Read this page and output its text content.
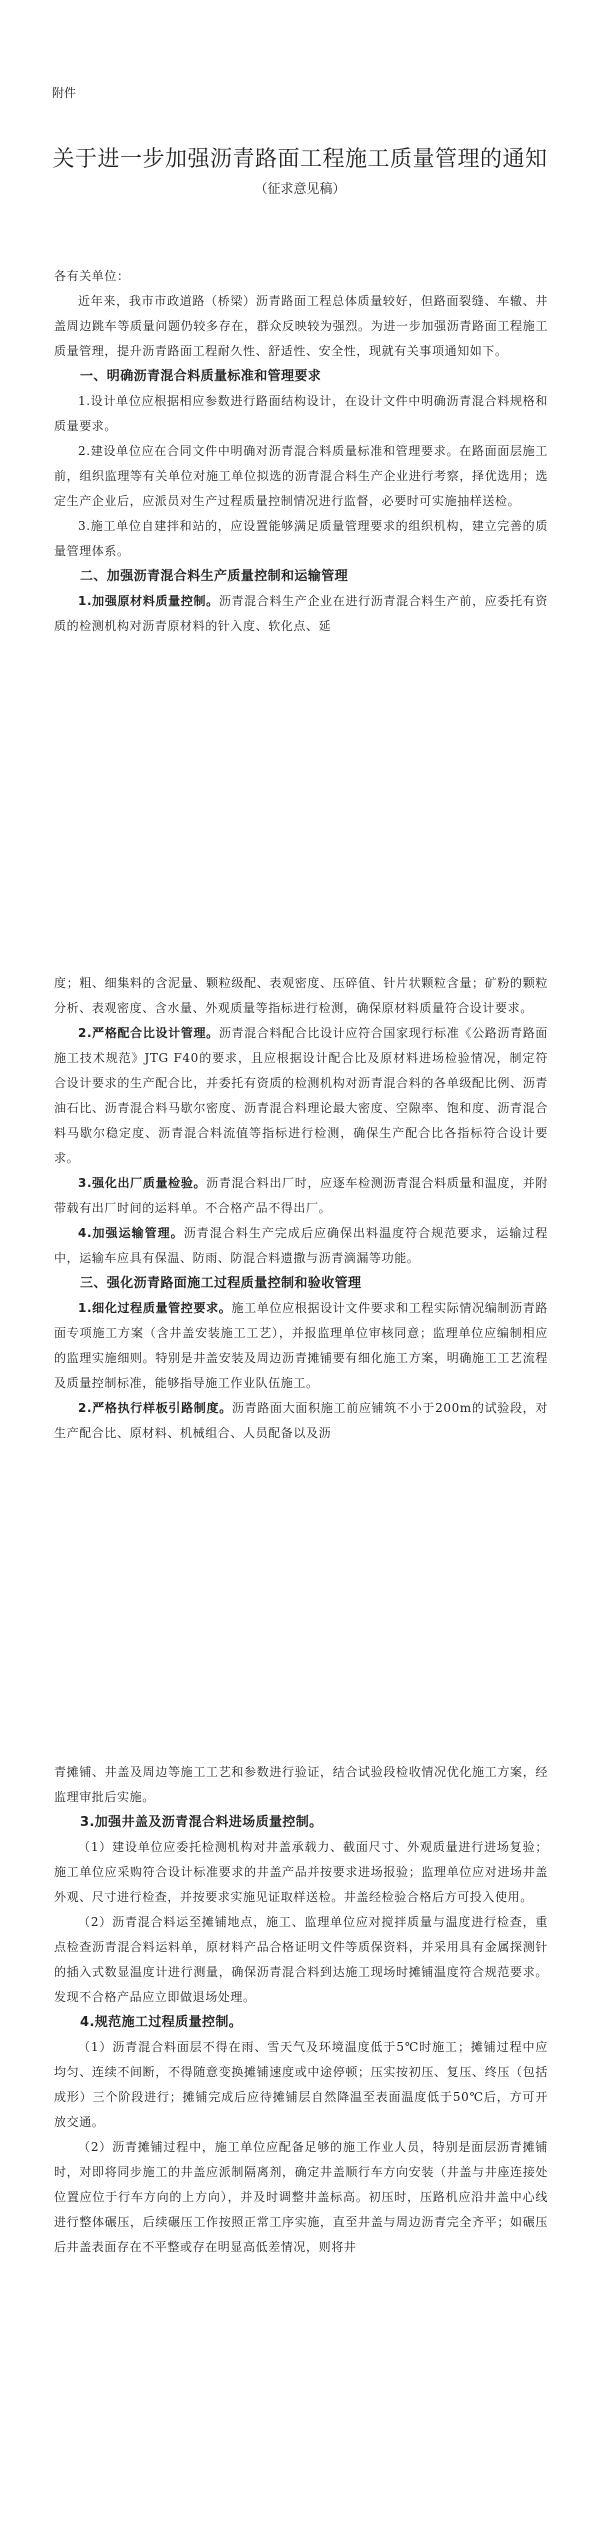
附件
关于进一步加强沥青路面工程施工质量管理的通知
（征求意见稿）

各有关单位：

近年来，我市市政道路（桥梁）沥青路面工程总体质量较好，但路面裂缝、车辙、井盖周边跳车等质量问题仍较多存在，群众反映较为强烈。为进一步加强沥青路面工程施工质量管理，提升沥青路面工程耐久性、舒适性、安全性，现就有关事项通知如下。

一、明确沥青混合料质量标准和管理要求

1.设计单位应根据相应参数进行路面结构设计，在设计文件中明确沥青混合料规格和质量要求。

2.建设单位应在合同文件中明确对沥青混合料质量标准和管理要求。在路面面层施工前，组织监理等有关单位对施工单位拟选的沥青混合料生产企业进行考察，择优选用；选定生产企业后，应派员对生产过程质量控制情况进行监督，必要时可实施抽样送检。

3.施工单位自建拌和站的，应设置能够满足质量管理要求的组织机构，建立完善的质量管理体系。

二、加强沥青混合料生产质量控制和运输管理

1.加强原材料质量控制。沥青混合料生产企业在进行沥青混合料生产前，应委托有资质的检测机构对沥青原材料的针入度、软化点、延

度；粗、细集料的含泥量、颗粒级配、表观密度、压碎值、针片状颗粒含量；矿粉的颗粒分析、表观密度、含水量、外观质量等指标进行检测，确保原材料质量符合设计要求。

2.严格配合比设计管理。沥青混合料配合比设计应符合国家现行标准《公路沥青路面施工技术规范》JTG F40的要求，且应根据设计配合比及原材料进场检验情况，制定符合设计要求的生产配合比，并委托有资质的检测机构对沥青混合料的各单级配比例、沥青油石比、沥青混合料马歇尔密度、沥青混合料理论最大密度、空隙率、饱和度、沥青混合料马歇尔稳定度、沥青混合料流值等指标进行检测，确保生产配合比各指标符合设计要求。

3.强化出厂质量检验。沥青混合料出厂时，应逐车检测沥青混合料质量和温度，并附带载有出厂时间的运料单。不合格产品不得出厂。

4.加强运输管理。沥青混合料生产完成后应确保出料温度符合规范要求，运输过程中，运输车应具有保温、防雨、防混合料遗撒与沥青滴漏等功能。

三、强化沥青路面施工过程质量控制和验收管理

1.细化过程质量管控要求。施工单位应根据设计文件要求和工程实际情况编制沥青路面专项施工方案（含井盖安装施工工艺），并报监理单位审核同意；监理单位应编制相应的监理实施细则。特别是井盖安装及周边沥青摊铺要有细化施工方案，明确施工工艺流程及质量控制标准，能够指导施工作业队伍施工。

2.严格执行样板引路制度。沥青路面大面积施工前应铺筑不小于200m的试验段，对生产配合比、原材料、机械组合、人员配备以及沥

青摊铺、井盖及周边等施工工艺和参数进行验证，结合试验段检收情况优化施工方案，经监理审批后实施。

3.加强井盖及沥青混合料进场质量控制。

（1）建设单位应委托检测机构对井盖承载力、截面尺寸、外观质量进行进场复验；施工单位应采购符合设计标准要求的井盖产品并按要求进场报验；监理单位应对进场井盖外观、尺寸进行检查，并按要求实施见证取样送检。井盖经检验合格后方可投入使用。

（2）沥青混合料运至摊铺地点，施工、监理单位应对搅拌质量与温度进行检查，重点检查沥青混合料运料单，原材料产品合格证明文件等质保资料，并采用具有金属探测针的插入式数显温度计进行测量，确保沥青混合料到达施工现场时摊铺温度符合规范要求。发现不合格产品应立即做退场处理。

4.规范施工过程质量控制。

（1）沥青混合料面层不得在雨、雪天气及环境温度低于5℃时施工；摊铺过程中应均匀、连续不间断，不得随意变换摊铺速度或中途停顿；压实按初压、复压、终压（包括成形）三个阶段进行；摊铺完成后应待摊铺层自然降温至表面温度低于50℃后，方可开放交通。

（2）沥青摊铺过程中，施工单位应配备足够的施工作业人员，特别是面层沥青摊铺时，对即将同步施工的井盖应派制隔离剂，确定井盖顺行车方向安装（井盖与井座连接处位置应位于行车方向的上方向），并及时调整井盖标高。初压时，压路机应沿井盖中心线进行整体碾压，后续碾压工作按照正常工序实施，直至井盖与周边沥青完全齐平；如碾压后井盖表面存在不平整或存在明显高低差情况，则将井
